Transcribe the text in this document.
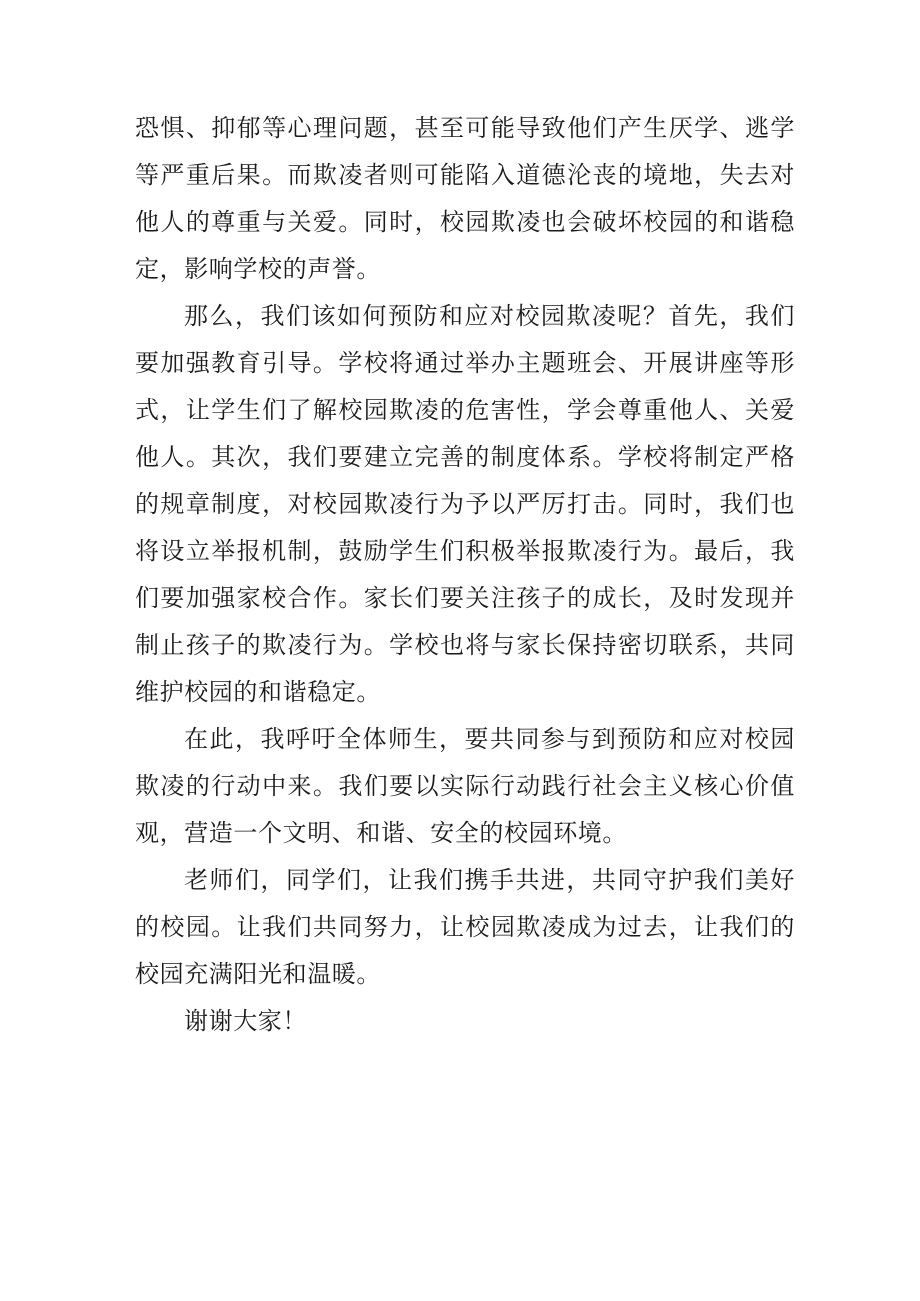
恐惧、抑郁等心理问题，甚至可能导致他们产生厌学、逃学等严重后果。而欺凌者则可能陷入道德沦丧的境地，失去对他人的尊重与关爱。同时，校园欺凌也会破坏校园的和谐稳定，影响学校的声誉。

那么，我们该如何预防和应对校园欺凌呢？首先，我们要加强教育引导。学校将通过举办主题班会、开展讲座等形式，让学生们了解校园欺凌的危害性，学会尊重他人、关爱他人。其次，我们要建立完善的制度体系。学校将制定严格的规章制度，对校园欺凌行为予以严厉打击。同时，我们也将设立举报机制，鼓励学生们积极举报欺凌行为。最后，我们要加强家校合作。家长们要关注孩子的成长，及时发现并制止孩子的欺凌行为。学校也将与家长保持密切联系，共同维护校园的和谐稳定。

在此，我呼吁全体师生，要共同参与到预防和应对校园欺凌的行动中来。我们要以实际行动践行社会主义核心价值观，营造一个文明、和谐、安全的校园环境。

老师们，同学们，让我们携手共进，共同守护我们美好的校园。让我们共同努力，让校园欺凌成为过去，让我们的校园充满阳光和温暖。

谢谢大家！
